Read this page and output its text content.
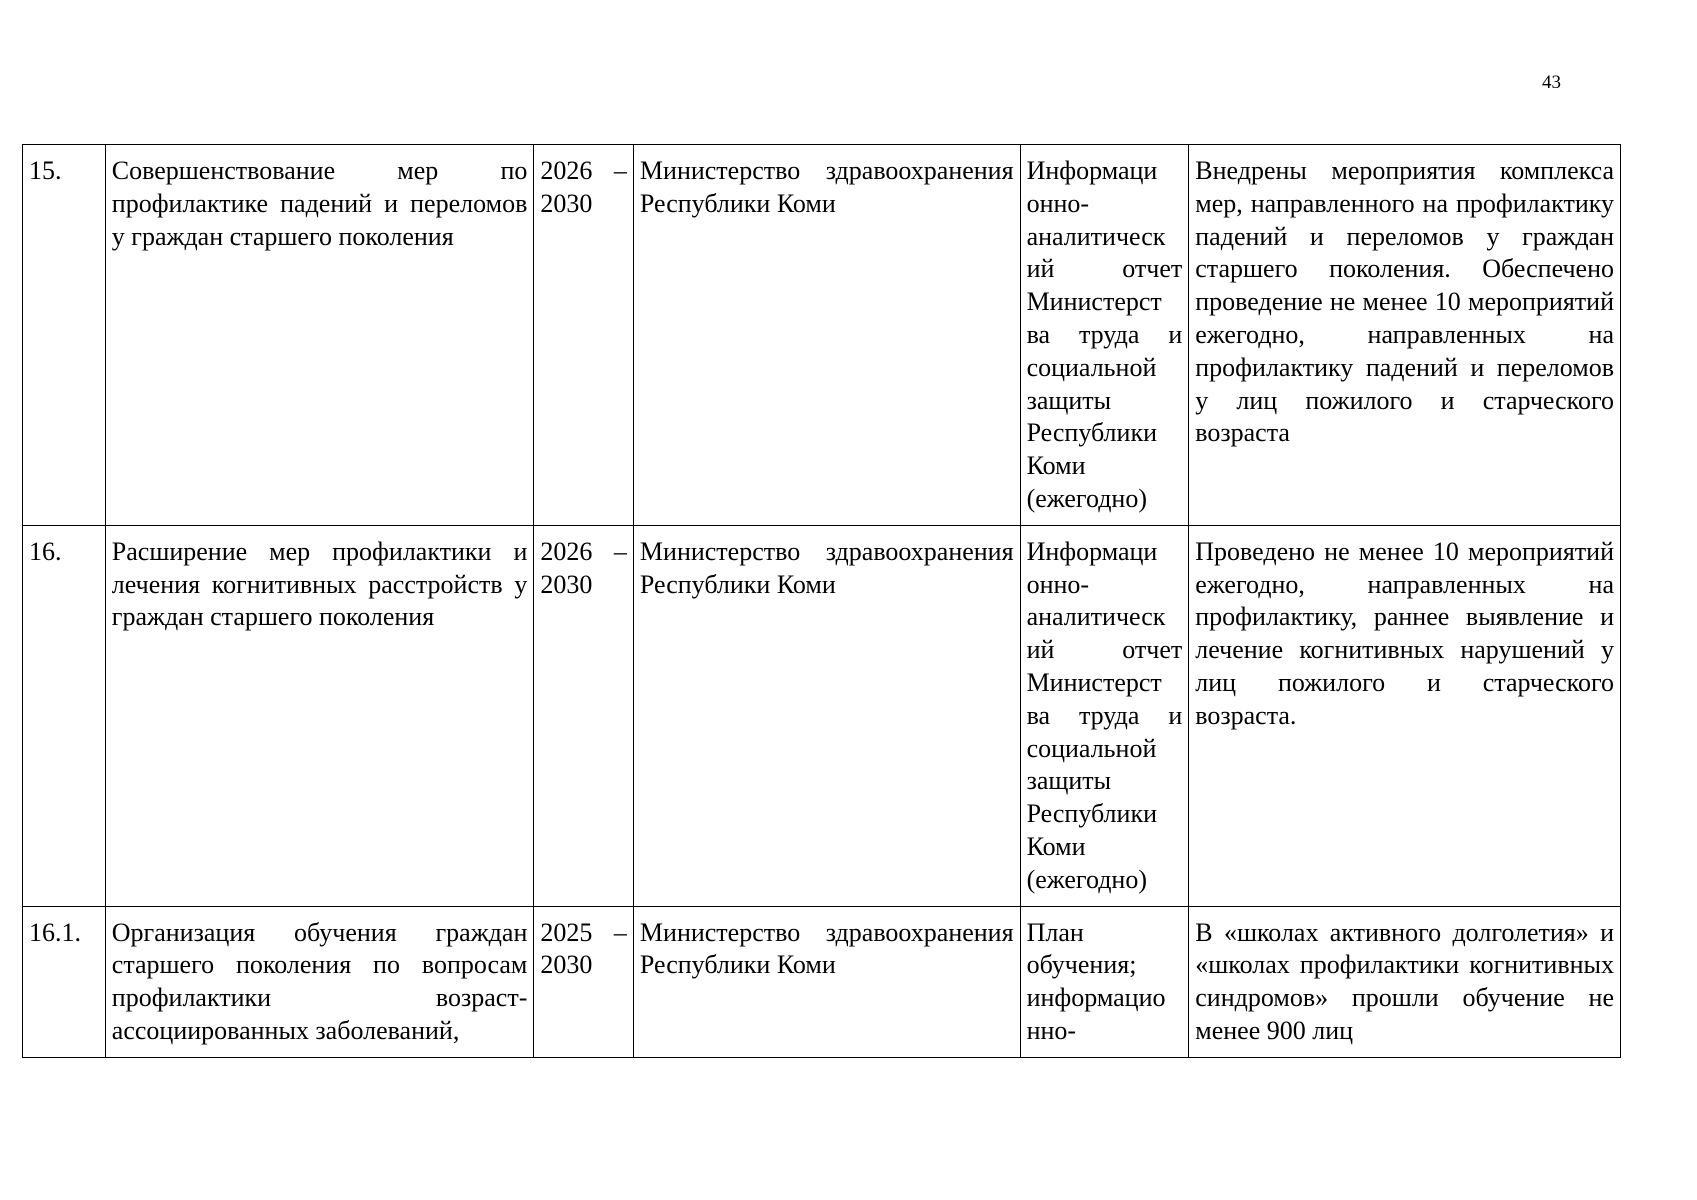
43
15.	Совершенствование мер по профилактике падений и переломов у граждан старшего поколения	2026 – 2030	Министерство здравоохранения Республики Коми	Информаци онно-аналитическ ий отчет Министерст ва труда и социальной защиты Республики Коми (ежегодно)	Внедрены мероприятия комплекса мер, направленного на профилактику падений и переломов у граждан старшего поколения. Обеспечено проведение не менее 10 мероприятий ежегодно, направленных на профилактику падений и переломов у лиц пожилого и старческого возраста
16.	Расширение мер профилактики и лечения когнитивных расстройств у граждан старшего поколения	2026 – 2030	Министерство здравоохранения Республики Коми	Информаци онно-аналитическ ий отчет Министерст ва труда и социальной защиты Республики Коми (ежегодно)	Проведено не менее 10 мероприятий ежегодно, направленных на профилактику, раннее выявление и лечение когнитивных нарушений у лиц пожилого и старческого возраста.

16.1.	Организация обучения граждан старшего поколения по вопросам профилактики возраст-ассоциированных заболеваний,	2025 – 2030	Министерство здравоохранения Республики Коми	План обучения; информацио нно-	В «школах активного долголетия» и «школах профилактики когнитивных синдромов» прошли обучение не менее 900 лиц
